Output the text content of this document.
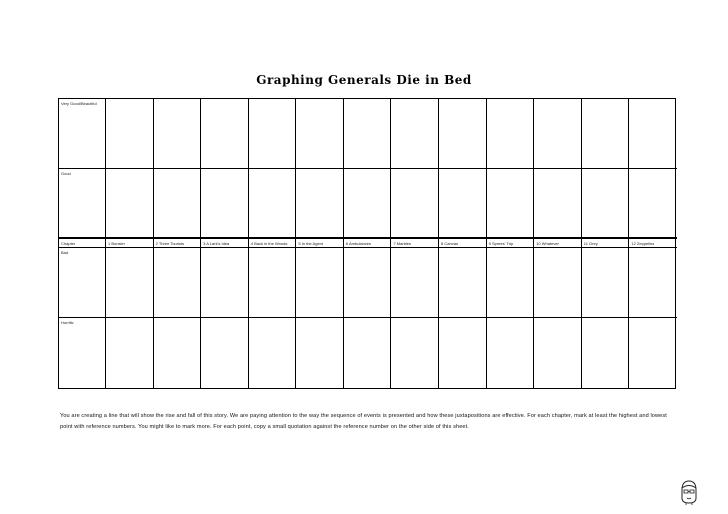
Graphing Generals Die in Bed
Very Good/Beautiful
Good
Chapter	1 Bonsier	2 Three Tourists	3 A Lark's Idea	4 Back in the Woods	5 In the Agent	6 Ambulances	7 Marbles	8 Canvas	9 Sprees' Trip	10 Whatever	11 Grey	12 Zeppelins
Bad
Horrific
You are creating a line that will show the rise and fall of this story. We are paying attention to the way the sequence of events is presented and how these juxtapositions are effective. For each chapter, mark at least the highest and lowest point with reference numbers. You might like to mark more. For each point, copy a small quotation against the reference number on the other side of this sheet.
